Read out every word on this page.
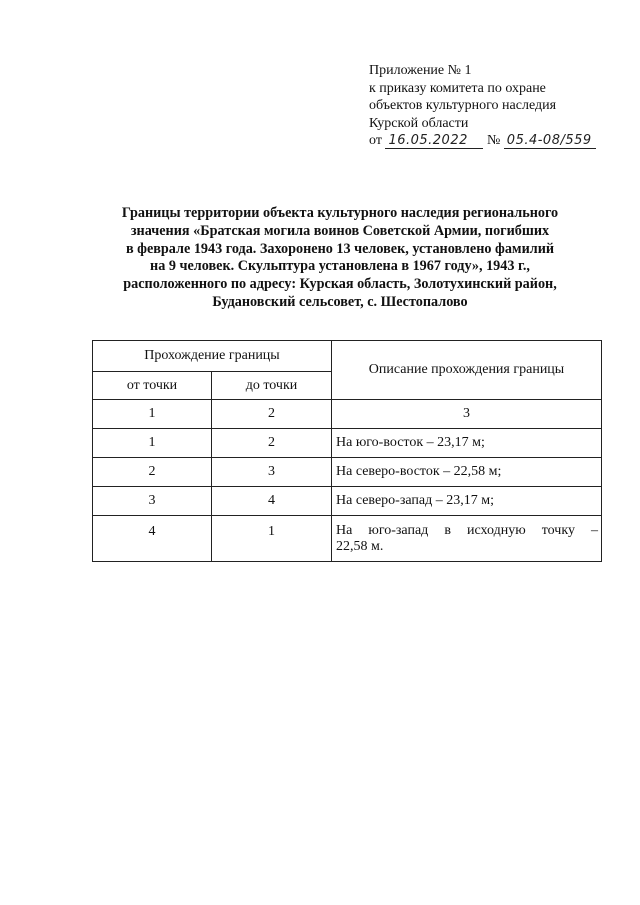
Приложение № 1
к приказу комитета по охране
объектов культурного наследия
Курской области
от 16.05.2022 № 05.4-08/559
Границы территории объекта культурного наследия регионального
значения «Братская могила воинов Советской Армии, погибших
в феврале 1943 года. Захоронено 13 человек, установлено фамилий
на 9 человек. Скульптура установлена в 1967 году», 1943 г.,
расположенного по адресу: Курская область, Золотухинский район,
Будановский сельсовет, с. Шестопалово
Прохождение границы		Описание прохождения границы
от точки	до точки	
1	2	3
1	2	На юго-восток – 23,17 м;
2	3	На северо-восток – 22,58 м;
3	4	На северо-запад – 23,17 м;
4	1	На юго-запад в исходную точку –
22,58 м.
